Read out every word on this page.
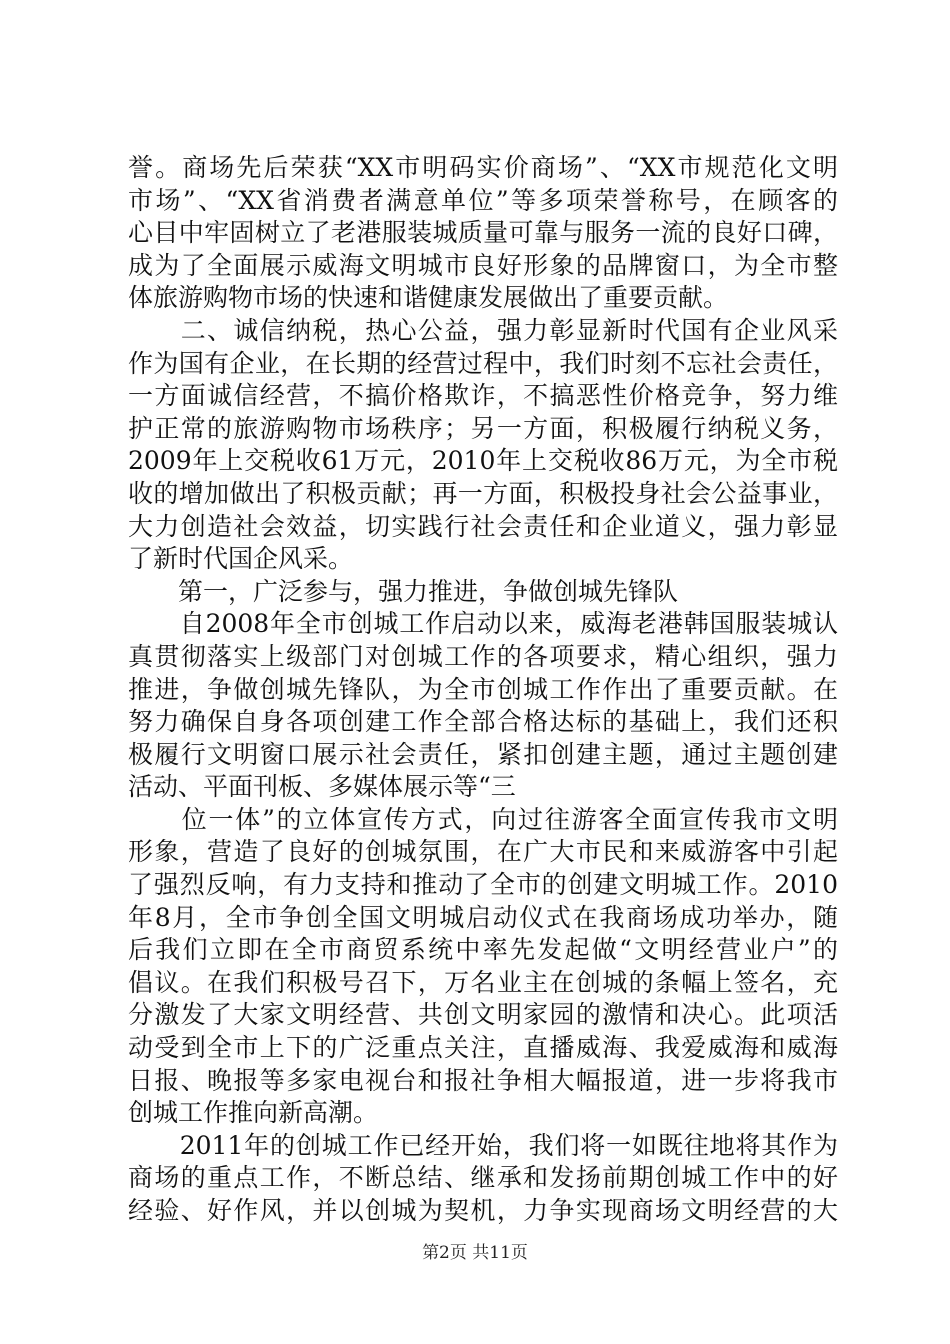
誉。商场先后荣获“XX市明码实价商场”、“XX市规范化文明
市场”、“XX省消费者满意单位”等多项荣誉称号，在顾客的
心目中牢固树立了老港服装城质量可靠与服务一流的良好口碑，
成为了全面展示威海文明城市良好形象的品牌窗口，为全市整
体旅游购物市场的快速和谐健康发展做出了重要贡献。
　　二、诚信纳税，热心公益，强力彰显新时代国有企业风采
作为国有企业，在长期的经营过程中，我们时刻不忘社会责任，
一方面诚信经营，不搞价格欺诈，不搞恶性价格竞争，努力维
护正常的旅游购物市场秩序；另一方面，积极履行纳税义务，
2009年上交税收61万元，2010年上交税收86万元，为全市税
收的增加做出了积极贡献；再一方面，积极投身社会公益事业，
大力创造社会效益，切实践行社会责任和企业道义，强力彰显
了新时代国企风采。
　　第一，广泛参与，强力推进，争做创城先锋队
　　自2008年全市创城工作启动以来，威海老港韩国服装城认
真贯彻落实上级部门对创城工作的各项要求，精心组织，强力
推进，争做创城先锋队，为全市创城工作作出了重要贡献。在
努力确保自身各项创建工作全部合格达标的基础上，我们还积
极履行文明窗口展示社会责任，紧扣创建主题，通过主题创建
活动、平面刊板、多媒体展示等“三
　　位一体”的立体宣传方式，向过往游客全面宣传我市文明
形象，营造了良好的创城氛围，在广大市民和来威游客中引起
了强烈反响，有力支持和推动了全市的创建文明城工作。2010
年8月，全市争创全国文明城启动仪式在我商场成功举办，随
后我们立即在全市商贸系统中率先发起做“文明经营业户”的
倡议。在我们积极号召下，万名业主在创城的条幅上签名，充
分激发了大家文明经营、共创文明家园的激情和决心。此项活
动受到全市上下的广泛重点关注，直播威海、我爱威海和威海
日报、晚报等多家电视台和报社争相大幅报道，进一步将我市
创城工作推向新高潮。
　　2011年的创城工作已经开始，我们将一如既往地将其作为
商场的重点工作，不断总结、继承和发扬前期创城工作中的好
经验、好作风，并以创城为契机，力争实现商场文明经营的大
第2页 共11页
